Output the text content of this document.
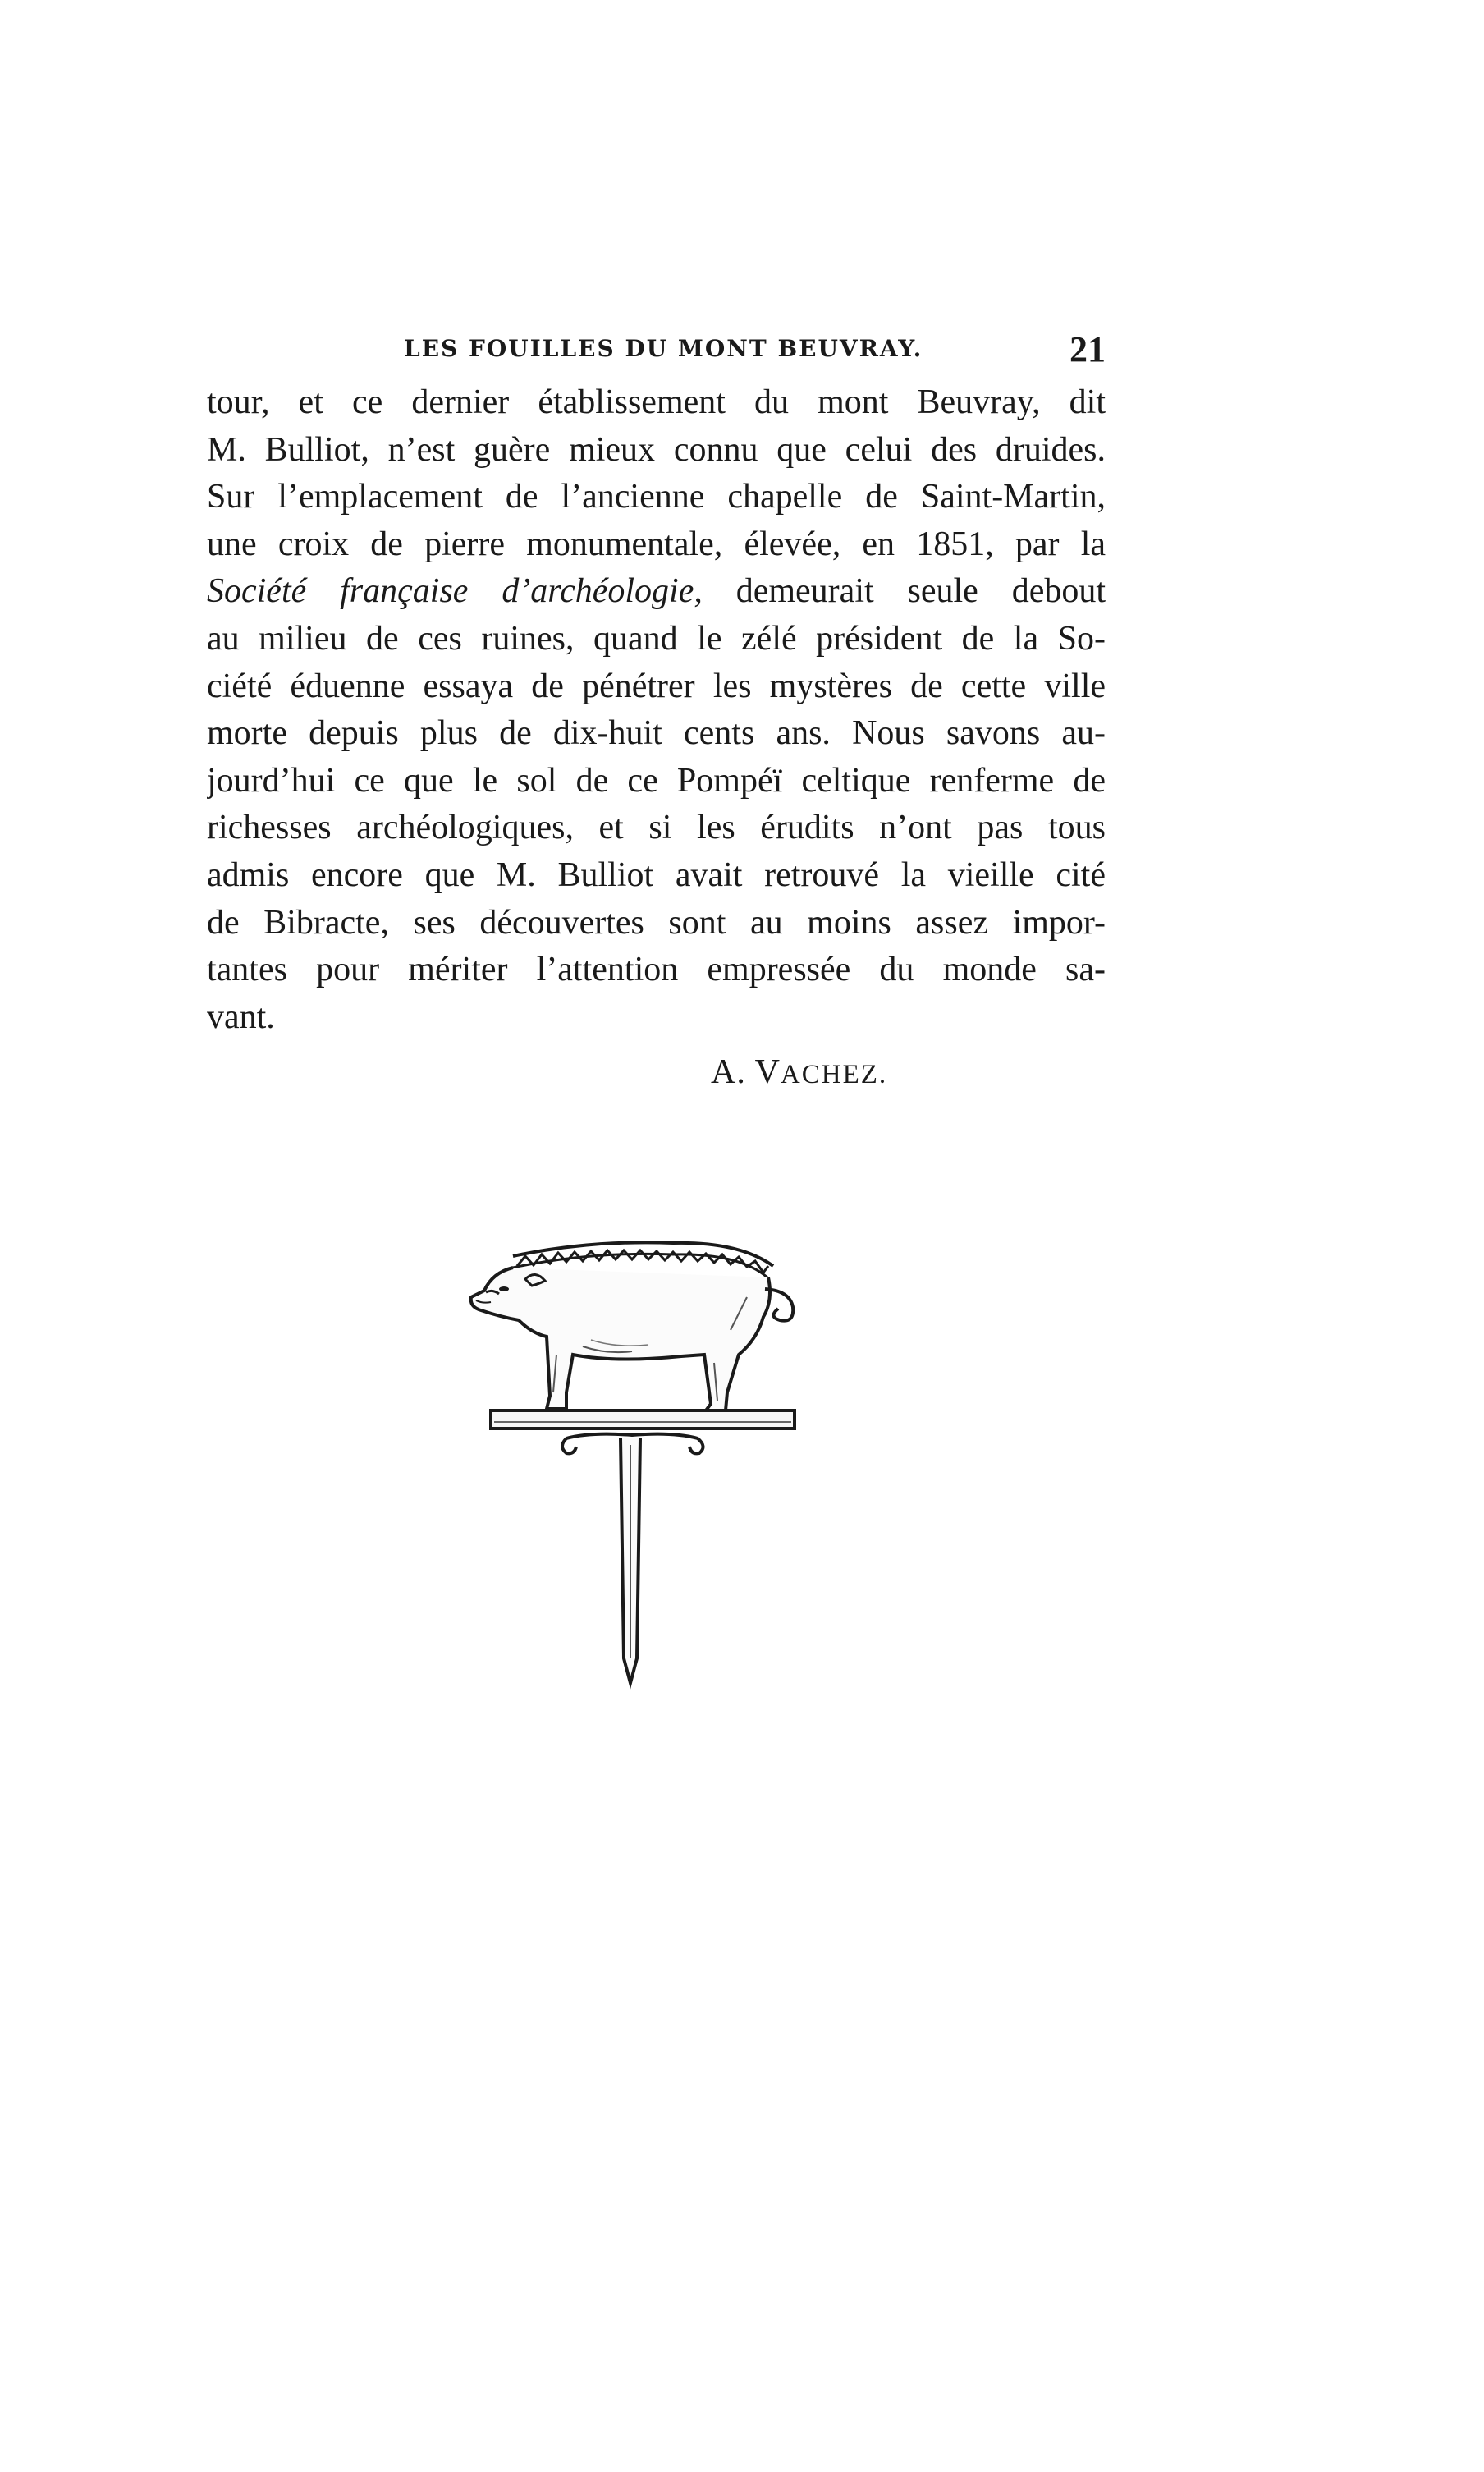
LES FOUILLES DU MONT BEUVRAY.	21
tour, et ce dernier établissement du mont Beuvray, dit
M. Bulliot, n’est guère mieux connu que celui des druides.
Sur l’emplacement de l’ancienne chapelle de Saint-Martin,
une croix de pierre monumentale, élevée, en 1851, par la
Société française d’archéologie, demeurait seule debout
au milieu de ces ruines, quand le zélé président de la So-
ciété éduenne essaya de pénétrer les mystères de cette ville
morte depuis plus de dix-huit cents ans. Nous savons au-
jourd’hui ce que le sol de ce Pompéï celtique renferme de
richesses archéologiques, et si les érudits n’ont pas tous
admis encore que M. Bulliot avait retrouvé la vieille cité
de Bibracte, ses découvertes sont au moins assez impor-
tantes pour mériter l’attention empressée du monde sa-
vant.
A. VACHEZ.
